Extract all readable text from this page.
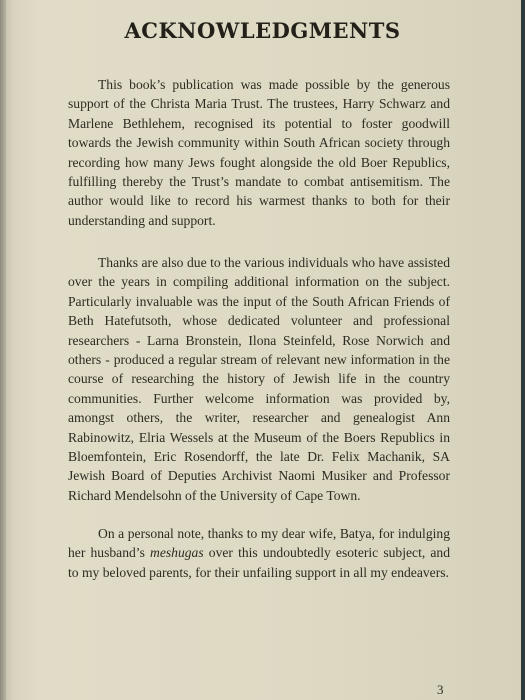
ACKNOWLEDGMENTS

This book’s publication was made possible by the generous support of the Christa Maria Trust. The trustees, Harry Schwarz and Marlene Bethlehem, recognised its potential to foster goodwill towards the Jewish community within South African society through recording how many Jews fought alongside the old Boer Republics, fulfilling thereby the Trust’s mandate to combat antisemitism. The author would like to record his warmest thanks to both for their understanding and support.

Thanks are also due to the various individuals who have assisted over the years in compiling additional information on the subject. Particularly invaluable was the input of the South African Friends of Beth Hatefutsoth, whose dedicated volunteer and professional researchers - Larna Bronstein, Ilona Steinfeld, Rose Norwich and others - produced a regular stream of relevant new information in the course of researching the history of Jewish life in the country communities. Further welcome information was provided by, amongst others, the writer, researcher and genealogist Ann Rabinowitz, Elria Wessels at the Museum of the Boers Republics in Bloemfontein, Eric Rosendorff, the late Dr. Felix Machanik, SA Jewish Board of Deputies Archivist Naomi Musiker and Professor Richard Mendelsohn of the University of Cape Town.

On a personal note, thanks to my dear wife, Batya, for indulging her husband’s meshugas over this undoubtedly esoteric subject, and to my beloved parents, for their unfailing support in all my endeavers.

3
